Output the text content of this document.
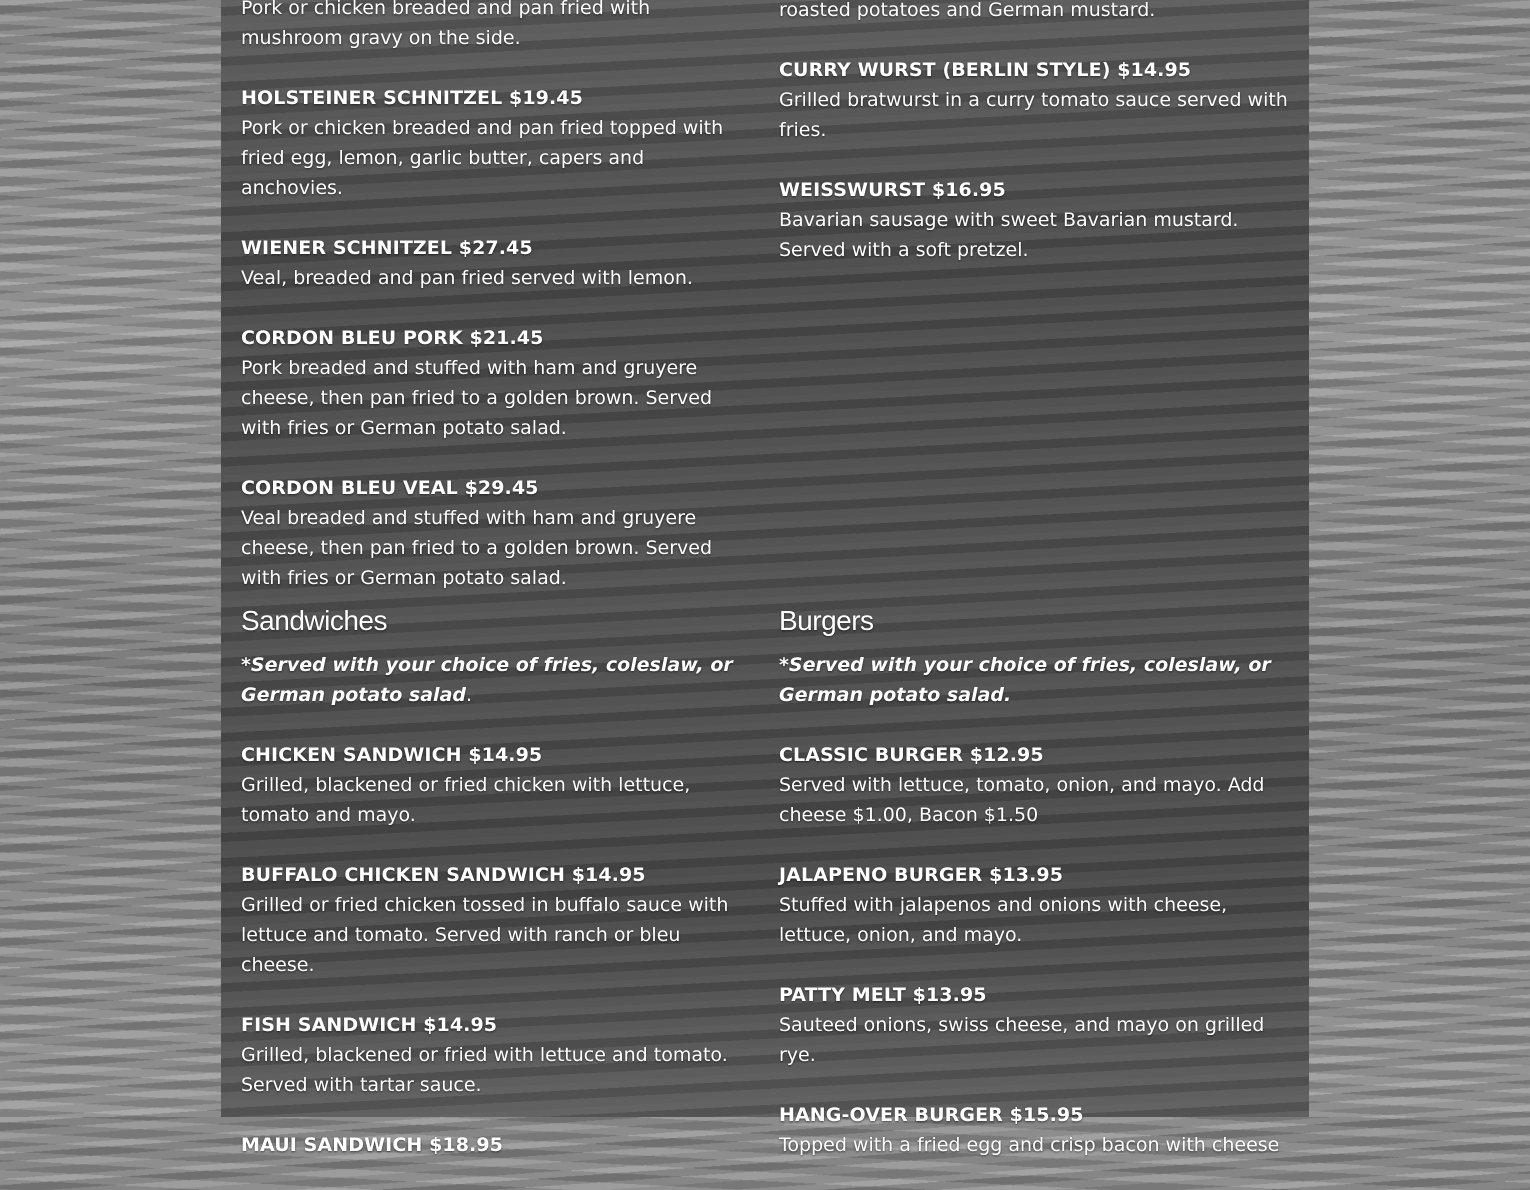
Pork or chicken breaded and pan fried with mushroom gravy on the side.
HOLSTEINER SCHNITZEL $19.45
Pork or chicken breaded and pan fried topped with fried egg, lemon, garlic butter, capers and anchovies.
WIENER SCHNITZEL $27.45
Veal, breaded and pan fried served with lemon.
CORDON BLEU PORK $21.45
Pork breaded and stuffed with ham and gruyere cheese, then pan fried to a golden brown. Served with fries or German potato salad.
CORDON BLEU VEAL $29.45
Veal breaded and stuffed with ham and gruyere cheese, then pan fried to a golden brown. Served with fries or German potato salad.
roasted potatoes and German mustard.
CURRY WURST (BERLIN STYLE) $14.95
Grilled bratwurst in a curry tomato sauce served with fries.
WEISSWURST $16.95
Bavarian sausage with sweet Bavarian mustard. Served with a soft pretzel.
Sandwiches
*Served with your choice of fries, coleslaw, or German potato salad.
CHICKEN SANDWICH $14.95
Grilled, blackened or fried chicken with lettuce, tomato and mayo.
BUFFALO CHICKEN SANDWICH $14.95
Grilled or fried chicken tossed in buffalo sauce with lettuce and tomato. Served with ranch or bleu cheese.
FISH SANDWICH $14.95
Grilled, blackened or fried with lettuce and tomato. Served with tartar sauce.
MAUI SANDWICH $18.95
Burgers
*Served with your choice of fries, coleslaw, or German potato salad.
CLASSIC BURGER $12.95
Served with lettuce, tomato, onion, and mayo. Add cheese $1.00, Bacon $1.50
JALAPENO BURGER $13.95
Stuffed with jalapenos and onions with cheese, lettuce, onion, and mayo.
PATTY MELT $13.95
Sauteed onions, swiss cheese, and mayo on grilled rye.
HANG-OVER BURGER $15.95
Topped with a fried egg and crisp bacon with cheese
